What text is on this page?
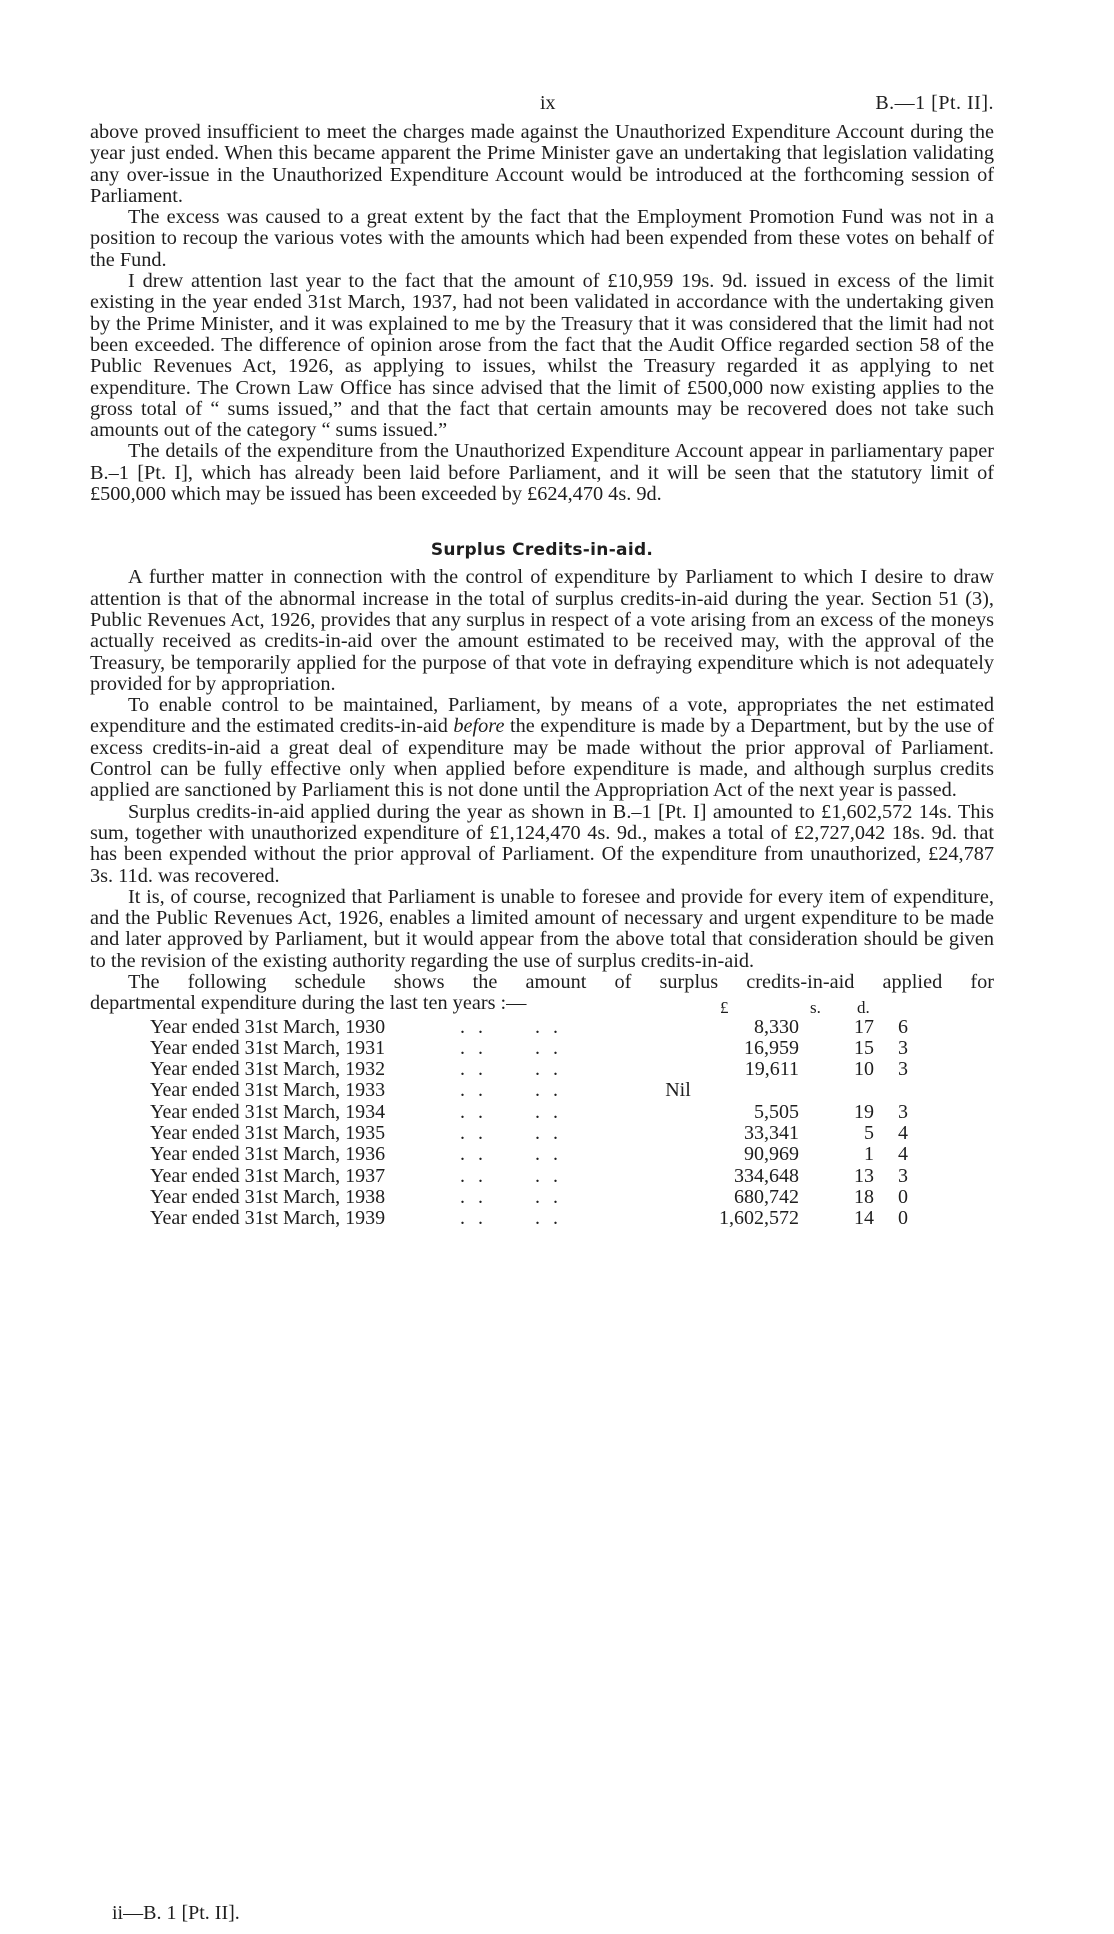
ix	B.—1 [Pt. II].

above proved insufficient to meet the charges made against the Unauthorized Expenditure Account during the year just ended. When this became apparent the Prime Minister gave an undertaking that legislation validating any over-issue in the Unauthorized Expenditure Account would be introduced at the forthcoming session of Parliament.

The excess was caused to a great extent by the fact that the Employment Promotion Fund was not in a position to recoup the various votes with the amounts which had been expended from these votes on behalf of the Fund.

I drew attention last year to the fact that the amount of £10,959 19s. 9d. issued in excess of the limit existing in the year ended 31st March, 1937, had not been validated in accordance with the undertaking given by the Prime Minister, and it was explained to me by the Treasury that it was considered that the limit had not been exceeded. The difference of opinion arose from the fact that the Audit Office regarded section 58 of the Public Revenues Act, 1926, as applying to issues, whilst the Treasury regarded it as applying to net expenditure. The Crown Law Office has since advised that the limit of £500,000 now existing applies to the gross total of “ sums issued,” and that the fact that certain amounts may be recovered does not take such amounts out of the category “ sums issued.”

The details of the expenditure from the Unauthorized Expenditure Account appear in parliamentary paper B.–1 [Pt. I], which has already been laid before Parliament, and it will be seen that the statutory limit of £500,000 which may be issued has been exceeded by £624,470 4s. 9d.

Surplus Credits-in-aid.

A further matter in connection with the control of expenditure by Parliament to which I desire to draw attention is that of the abnormal increase in the total of surplus credits-in-aid during the year. Section 51 (3), Public Revenues Act, 1926, provides that any surplus in respect of a vote arising from an excess of the moneys actually received as credits-in-aid over the amount estimated to be received may, with the approval of the Treasury, be temporarily applied for the purpose of that vote in defraying expenditure which is not adequately provided for by appropriation.

To enable control to be maintained, Parliament, by means of a vote, appropriates the net estimated expenditure and the estimated credits-in-aid before the expenditure is made by a Department, but by the use of excess credits-in-aid a great deal of expenditure may be made without the prior approval of Parliament. Control can be fully effective only when applied before expenditure is made, and although surplus credits applied are sanctioned by Parliament this is not done until the Appropriation Act of the next year is passed.

Surplus credits-in-aid applied during the year as shown in B.–1 [Pt. I] amounted to £1,602,572 14s. This sum, together with unauthorized expenditure of £1,124,470 4s. 9d., makes a total of £2,727,042 18s. 9d. that has been expended without the prior approval of Parliament. Of the expenditure from unauthorized, £24,787 3s. 11d. was recovered.

It is, of course, recognized that Parliament is unable to foresee and provide for every item of expenditure, and the Public Revenues Act, 1926, enables a limited amount of necessary and urgent expenditure to be made and later approved by Parliament, but it would appear from the above total that consideration should be given to the revision of the existing authority regarding the use of surplus credits-in-aid.

The following schedule shows the amount of surplus credits-in-aid applied for
departmental expenditure during the last ten years :—	£	s. d.

Year ended 31st March, 1930	. . . .	8,330	17	6
Year ended 31st March, 1931	. . . .	16,959	15	3
Year ended 31st March, 1932	. . . .	19,611	10	3
Year ended 31st March, 1933	. . . .	Nil
Year ended 31st March, 1934	. . . .	5,505	19	3
Year ended 31st March, 1935	. . . .	33,341	5	4
Year ended 31st March, 1936	. . . .	90,969	1	4
Year ended 31st March, 1937	. . . .	334,648	13	3
Year ended 31st March, 1938	. . . .	680,742	18	0
Year ended 31st March, 1939	. . . .	1,602,572	14	0
ii—B. 1 [Pt. II].
